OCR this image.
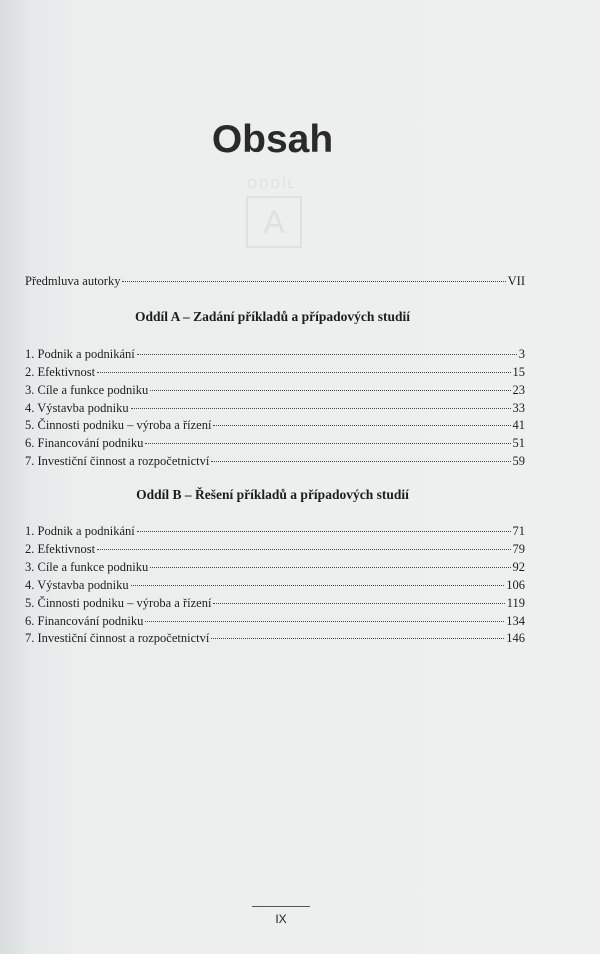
ODDÍL
A
Obsah
Předmluva autorky	VII
Oddíl A – Zadání příkladů a případových studií
1. Podnik a podnikání	3
2. Efektivnost	15
3. Cíle a funkce podniku	23
4. Výstavba podniku	33
5. Činnosti podniku – výroba a řízení	41
6. Financování podniku	51
7. Investiční činnost a rozpočetnictví	59
Oddíl B – Řešení příkladů a případových studií
1. Podnik a podnikání	71
2. Efektivnost	79
3. Cíle a funkce podniku	92
4. Výstavba podniku	106
5. Činnosti podniku – výroba a řízení	119
6. Financování podniku	134
7. Investiční činnost a rozpočetnictví	146
IX
